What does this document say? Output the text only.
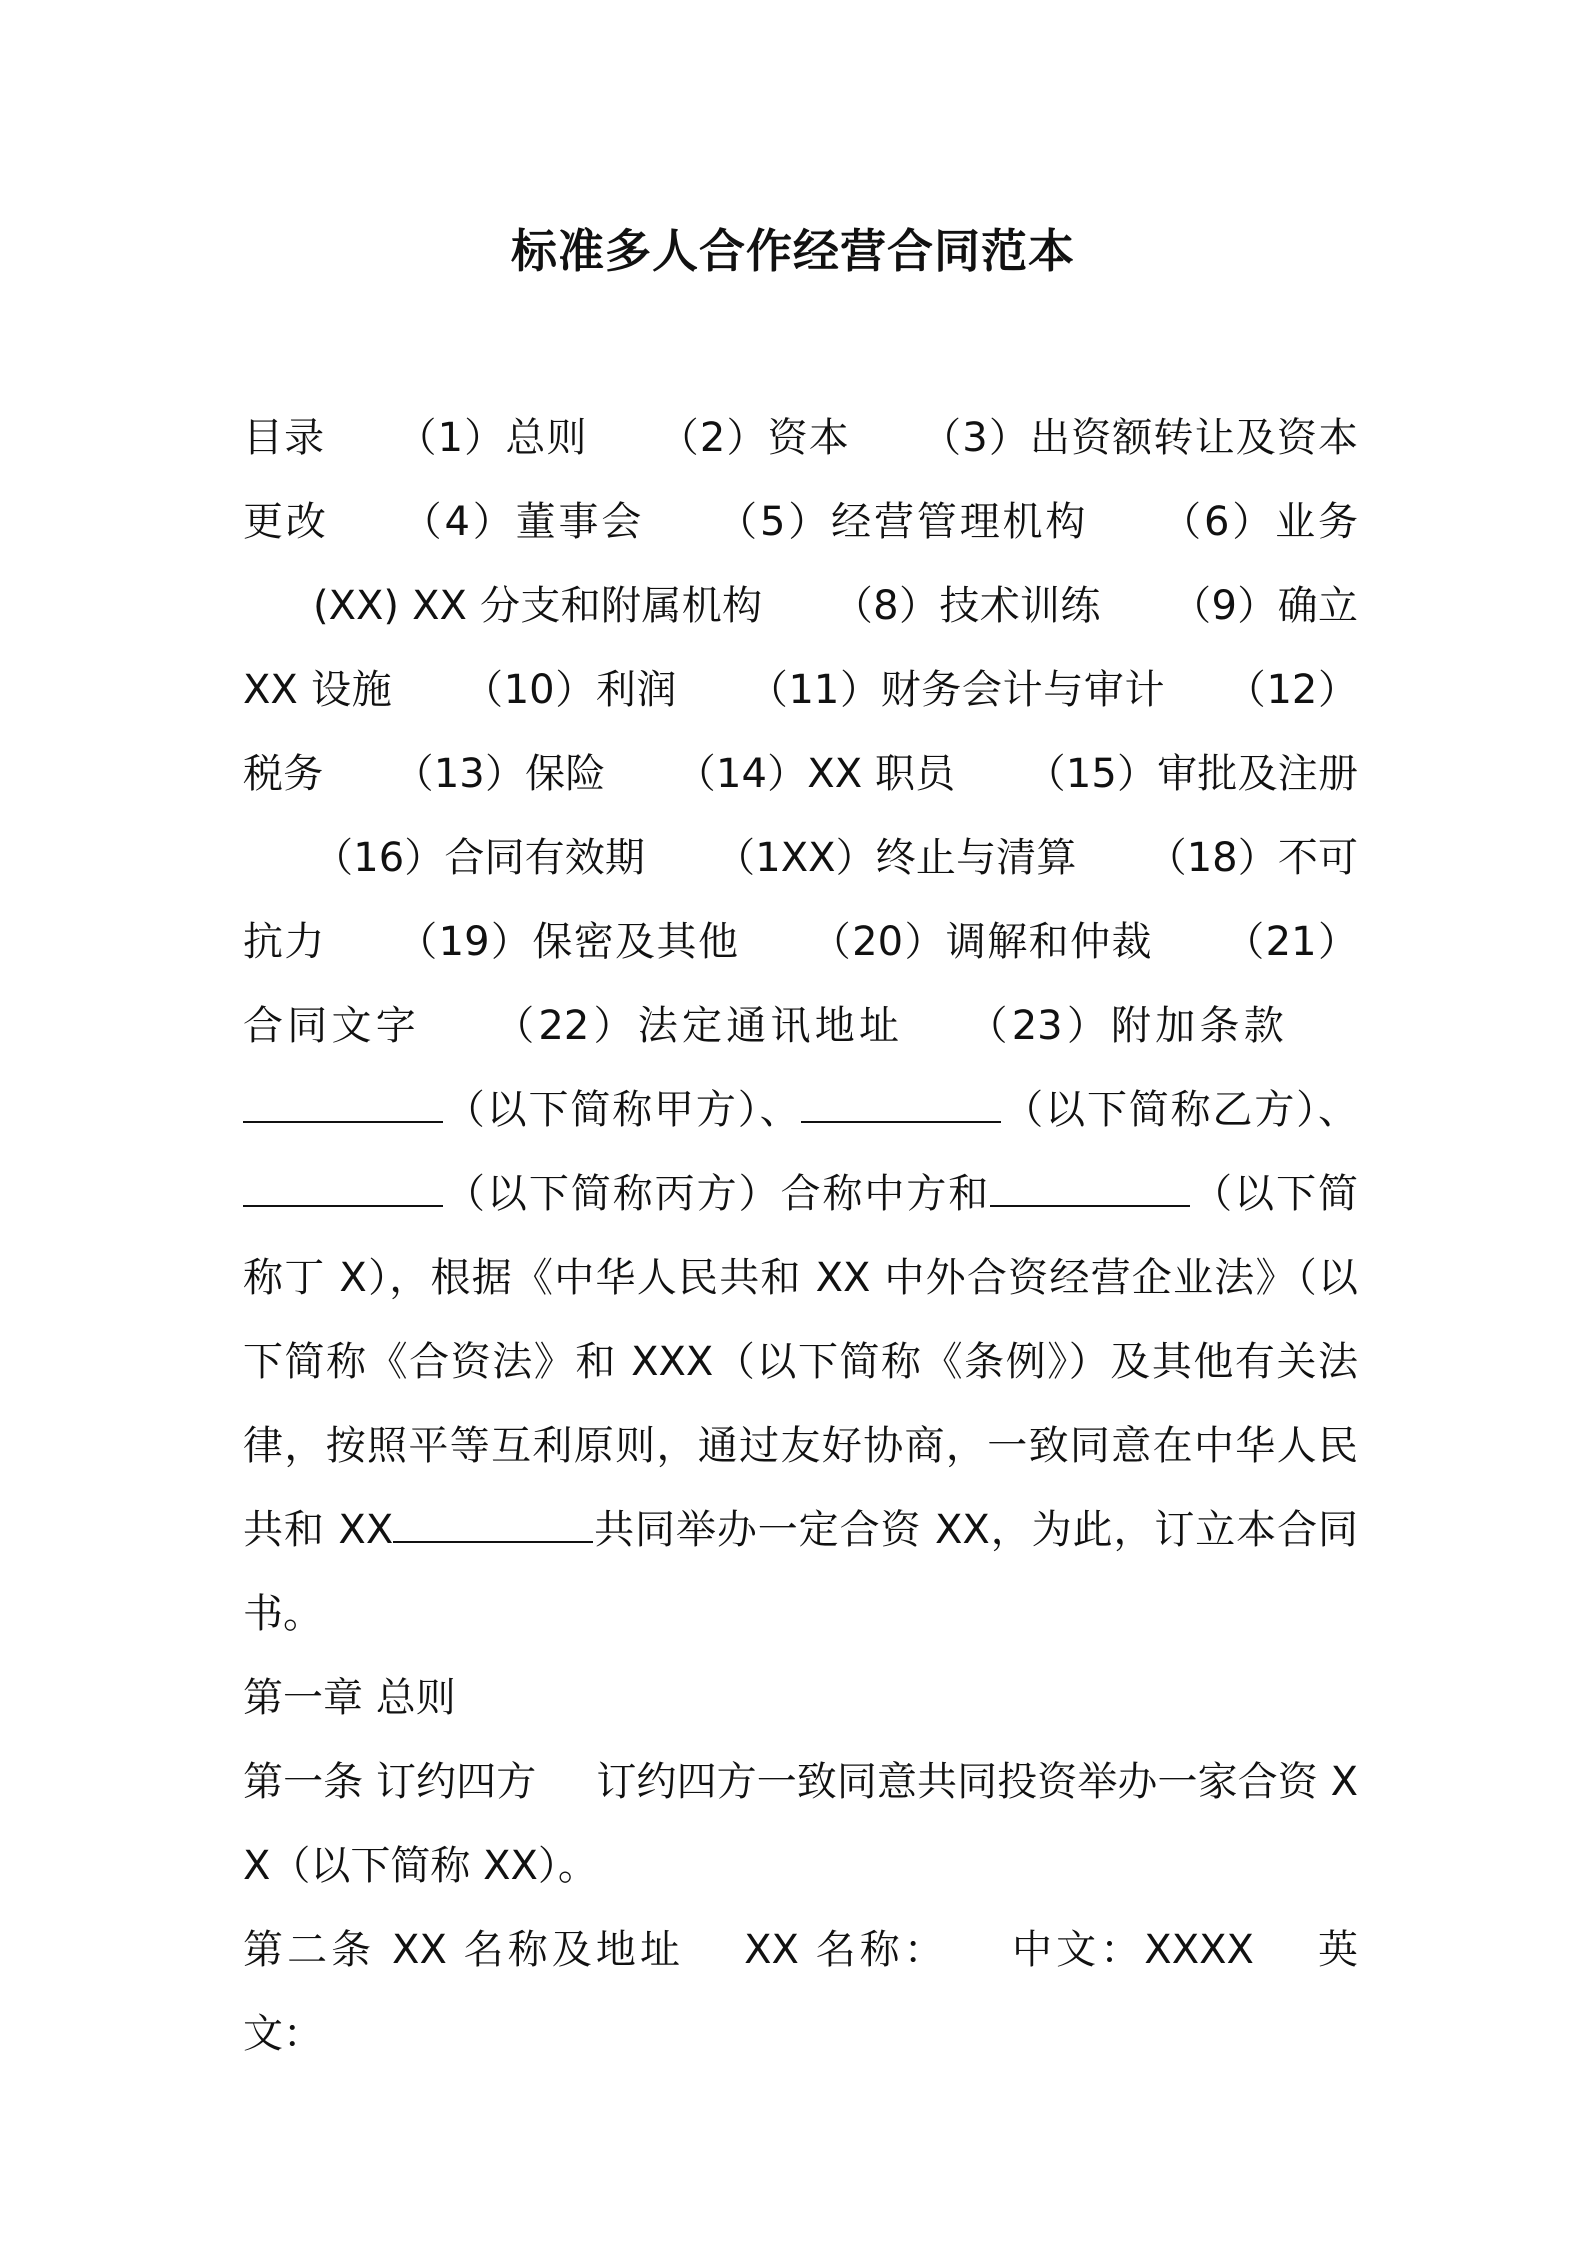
标准多人合作经营合同范本
目录 （1）总则 （2）资本 （3）出资额转让及资本更改 （4）董事会 （5）经营管理机构 （6）业务(XX) XX 分支和附属机构 （8）技术训练 （9）确立 XX 设施 （10）利润 （11）财务会计与审计 （12）税务 （13）保险 （14）XX 职员 （15）审批及注册（16）合同有效期 （1XX）终止与清算 （18）不可抗力 （19）保密及其他 （20）调解和仲裁 （21）合同文字 （22）法定通讯地址 （23）附加条款（以下简称甲方）、	（以下简称乙方）、（以下简称丙方）合称中方和	（以下简称丁 X），根据《中华人民共和 XX 中外合资经营企业法》（以下简称《合资法》和 XXX（以下简称《条例》）及其他有关法律，按照平等互利原则，通过友好协商，一致同意在中华人民共和 XX	共同举办一定合资 XX，为此，订立本合同书。
第一章 总则
第一条 订约四方 订约四方一致同意共同投资举办一家合资 XX（以下简称 XX）。
第二条 XX 名称及地址 XX 名称： 中文：XXXX 英文：
